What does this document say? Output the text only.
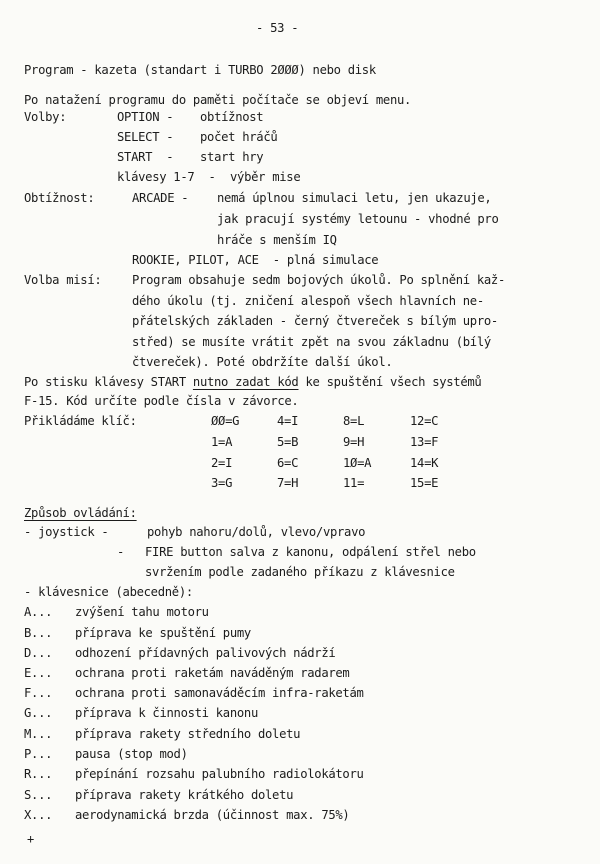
- 53 -
Program - kazeta (standart i TURBO 2ØØØ) nebo disk
Po natažení programu do paměti počítače se objeví menu.
Volby:	OPTION - obtížnost
SELECT - počet hráčů
START  - start hry
klávesy 1-7  - výběr mise
Obtížnost:	ARCADE - nemá úplnou simulaci letu, jen ukazuje,
jak pracují systémy letounu - vhodné pro
hráče s menším IQ
ROOKIE, PILOT, ACE  - plná simulace
Volba misí:	Program obsahuje sedm bojových úkolů. Po splnění kaž-
dého úkolu (tj. zničení alespoň všech hlavních ne-
přátelských základen - černý čtvereček s bílým upro-
střed) se musíte vrátit zpět na svou základnu (bílý
čtvereček). Poté obdržíte další úkol.
Po stisku klávesy START nutno zadat kód ke spuštění všech systémů
F-15. Kód určíte podle čísla v závorce.
Přikládáme klíč:	ØØ=G	4=I	8=L	12=C
1=A	5=B	9=H	13=F
2=I	6=C	1Ø=A	14=K
3=G	7=H	11=	15=E
Způsob ovládání:
- joystick -	pohyb nahoru/dolů, vlevo/vpravo
- FIRE button salva z kanonu, odpálení střel nebo
svržením podle zadaného příkazu z klávesnice
- klávesnice (abecedně):
A... zvýšení tahu motoru
B... příprava ke spuštění pumy
D... odhození přídavných palivových nádrží
E... ochrana proti raketám naváděným radarem
F... ochrana proti samonaváděcím infra-raketám
G... příprava k činnosti kanonu
M... příprava rakety středního doletu
P... pausa (stop mod)
R... přepínání rozsahu palubního radiolokátoru
S... příprava rakety krátkého doletu
X... aerodynamická brzda (účinnost max. 75%)
+
